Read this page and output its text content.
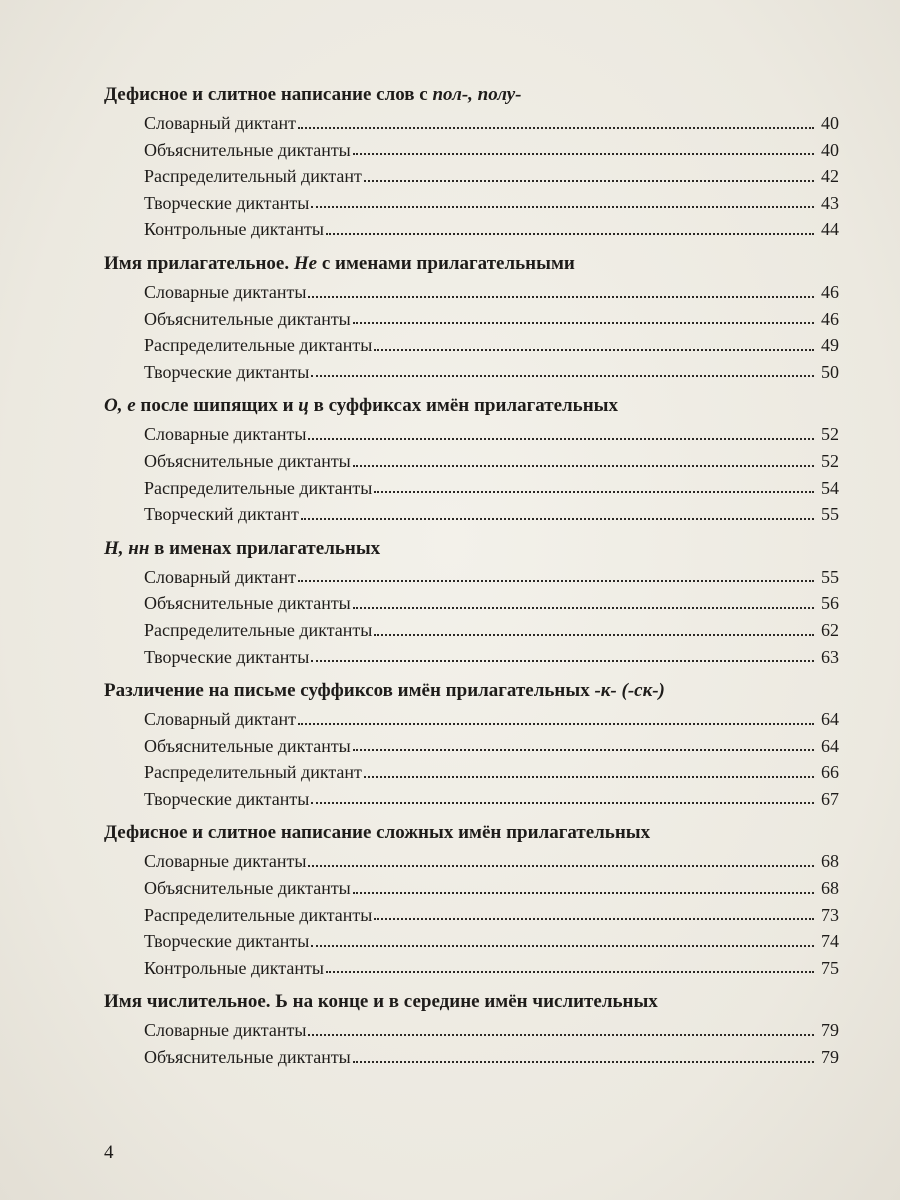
Дефисное и слитное написание слов с пол-, полу-

Словарный диктант	40
Объяснительные диктанты	40
Распределительный диктант	42
Творческие диктанты	43
Контрольные диктанты	44

Имя прилагательное. Не с именами прилагательными

Словарные диктанты	46
Объяснительные диктанты	46
Распределительные диктанты	49
Творческие диктанты	50

О, е после шипящих и ц в суффиксах имён прилагательных

Словарные диктанты	52
Объяснительные диктанты	52
Распределительные диктанты	54
Творческий диктант	55

Н, нн в именах прилагательных

Словарный диктант	55
Объяснительные диктанты	56
Распределительные диктанты	62
Творческие диктанты	63

Различение на письме суффиксов имён прилагательных -к- (-ск-)

Словарный диктант	64
Объяснительные диктанты	64
Распределительный диктант	66
Творческие диктанты	67

Дефисное и слитное написание сложных имён прилагательных

Словарные диктанты	68
Объяснительные диктанты	68
Распределительные диктанты	73
Творческие диктанты	74
Контрольные диктанты	75

Имя числительное. Ь на конце и в середине имён числительных

Словарные диктанты	79
Объяснительные диктанты	79
4
